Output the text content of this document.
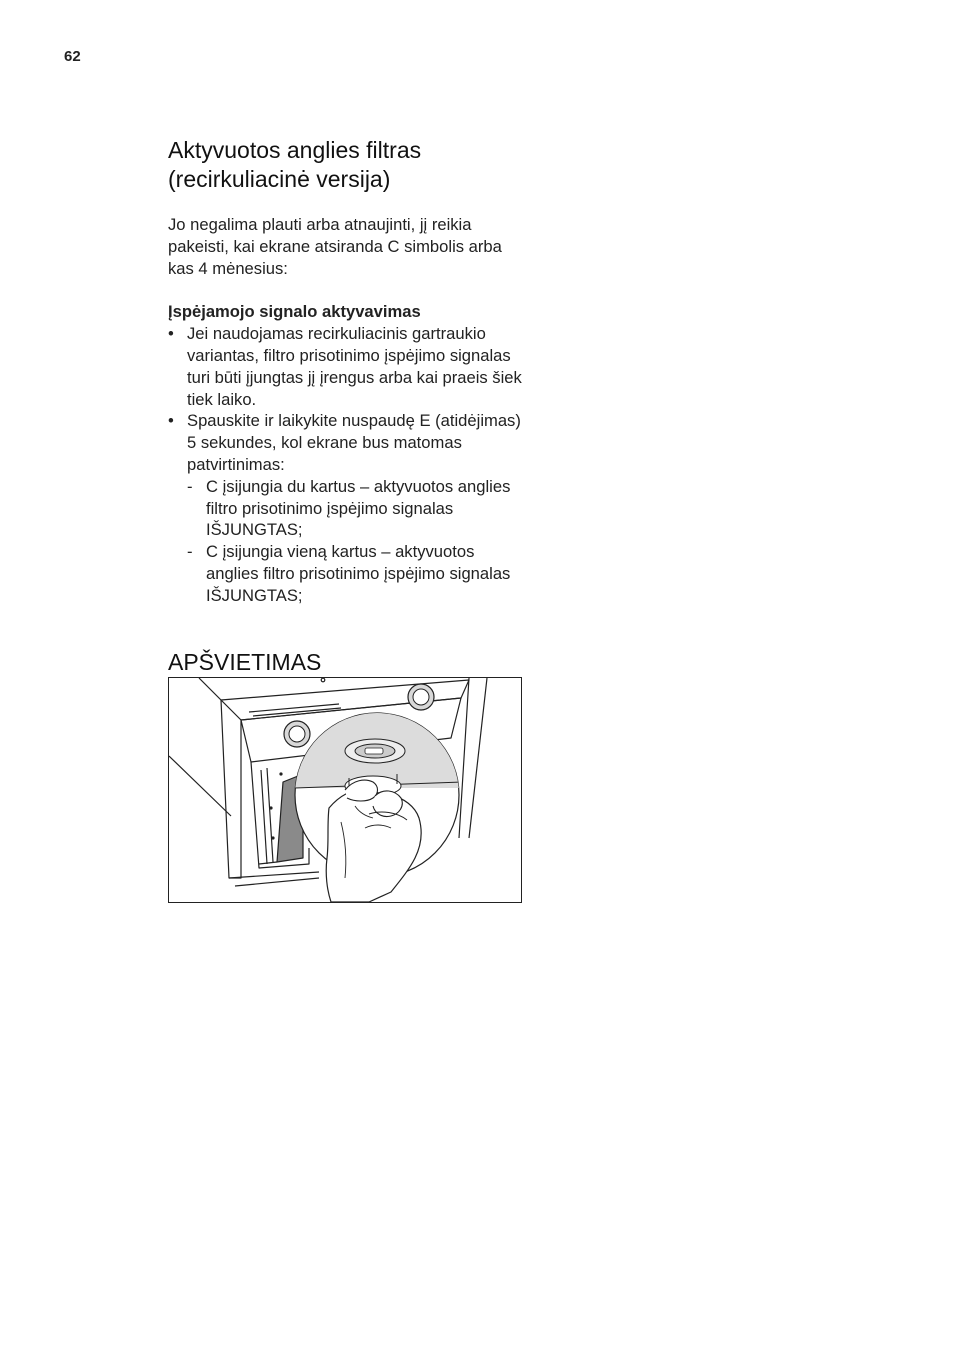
62
Aktyvuotos anglies filtras
(recirkuliacinė versija)

Jo negalima plauti arba atnaujinti, jį reikia pakeisti, kai ekrane atsiranda C simbolis arba kas 4 mėnesius:

Įspėjamojo signalo aktyvavimas
• Jei naudojamas recirkuliacinis gartraukio variantas, filtro prisotinimo įspėjimo signalas turi būti įjungtas jį įrengus arba kai praeis šiek tiek laiko.
• Spauskite ir laikykite nuspaudę E (atidėjimas) 5 sekundes, kol ekrane bus matomas patvirtinimas:
- C įsijungia du kartus – aktyvuotos anglies filtro prisotinimo įspėjimo signalas IŠJUNGTAS;
- C įsijungia vieną kartus – aktyvuotos anglies filtro prisotinimo įspėjimo signalas IŠJUNGTAS;
APŠVIETIMAS
